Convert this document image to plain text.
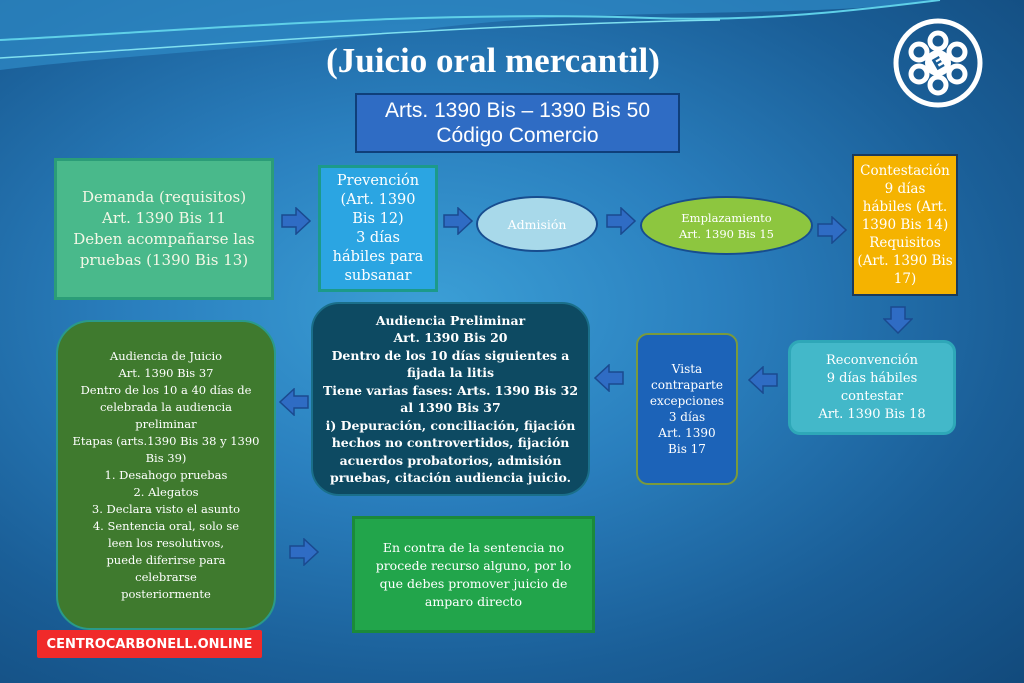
E
(Juicio oral mercantil)
Arts. 1390 Bis – 1390 Bis 50
Código Comercio
Demanda (requisitos)
Art. 1390 Bis 11
Deben acompañarse las
pruebas (1390 Bis 13)
Prevención
(Art. 1390
Bis 12)
3 días
hábiles para
subsanar
Admisión	Emplazamiento
Art. 1390 Bis 15
Contestación
9 días
hábiles (Art.
1390 Bis 14)
Requisitos
(Art. 1390 Bis
17)
Reconvención
9 días hábiles
contestar
Art. 1390 Bis 18
Vista
contraparte
excepciones
3 días
Art. 1390
Bis 17
Audiencia Preliminar
Art. 1390 Bis 20
Dentro de los 10 días siguientes a
fijada la litis
Tiene varias fases: Arts. 1390 Bis 32
al 1390 Bis 37
i) Depuración, conciliación, fijación
hechos no controvertidos, fijación
acuerdos probatorios, admisión
pruebas, citación audiencia juicio.
Audiencia de Juicio
Art. 1390 Bis 37
Dentro de los 10 a 40 días de
celebrada la audiencia
preliminar
Etapas (arts.1390 Bis 38 y 1390
Bis 39)
1. Desahogo pruebas
2. Alegatos
3. Declara visto el asunto
4. Sentencia oral, solo se
leen los resolutivos,
puede diferirse para
celebrarse
posteriormente
En contra de la sentencia no
procede recurso alguno, por lo
que debes promover juicio de
amparo directo
CENTROCARBONELL.ONLINE
